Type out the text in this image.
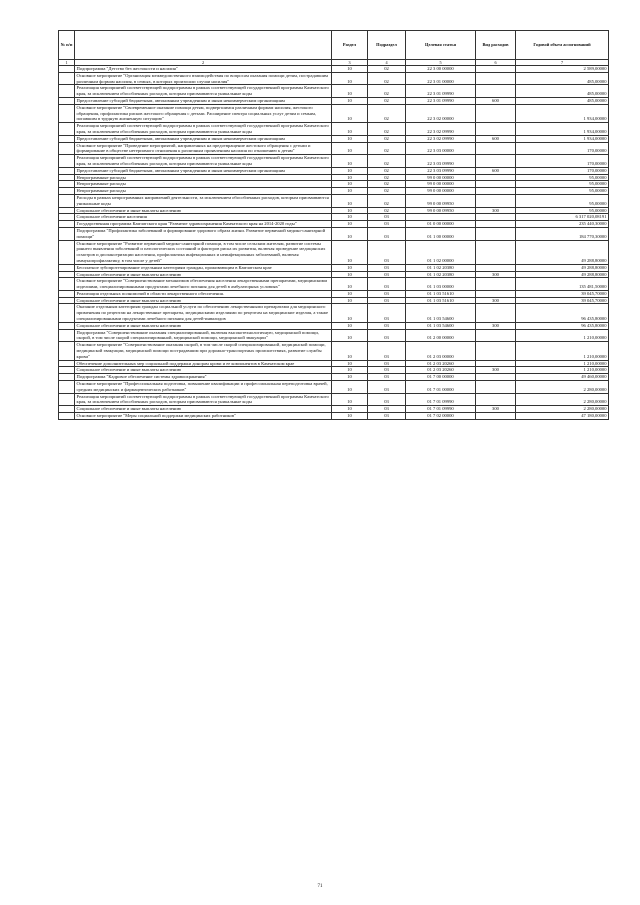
№ п/п		Раздел	Подраздел	Целевая статья	Вид расходов	Годовой объем ассигнований
1	2	3	4	5	6	7
	Подпрограмма "Детство без жестокости и насилия"	10	02	22 3 00 00000		2 589,00000
	Основное мероприятие "Организация межведомственного взаимодействия по вопросам оказания помощи детям, пострадавшим различным формам насилия, в семьях, в которых произошли случаи насилия"	10	02	22 3 01 00000		485,00000
	Реализация мероприятий соответствующей подпрограммы в рамках соответствующей государственной программы Камчатского края, за исключением обособленных расходов, которым присваиваются уникальные коды	10	02	22 3 01 09990		485,00000
	Предоставление субсидий бюджетным, автономным учреждениям и иным некоммерческим организациям	10	02	22 3 01 09990	600	485,00000
	Основное мероприятие "Своевременное оказание помощи детям, подвергшимся различным формам насилия, жестокого обращения, профилактика рисков жестокого обращения с детьми. Расширение спектра социальных услуг детям и семьям, попавшим в трудную жизненную ситуацию"	10	02	22 3 02 00000		1 934,00000
	Реализация мероприятий соответствующей подпрограммы в рамках соответствующей государственной программы Камчатского края, за исключением обособленных расходов, которым присваиваются уникальные коды	10	02	22 3 02 09990		1 934,00000
	Предоставление субсидий бюджетным, автономным учреждениям и иным некоммерческим организациям	10	02	22 3 02 09990	600	1 934,00000
	Основное мероприятие "Проведение мероприятий, направленных на предотвращение жестокого обращения с детьми и формирование в обществе нетерпимого отношения к различным проявлениям насилия по отношению к детям"	10	02	22 3 03 00000		170,00000
	Реализация мероприятий соответствующей подпрограммы в рамках соответствующей государственной программы Камчатского края, за исключением обособленных расходов, которым присваиваются уникальные коды	10	02	22 3 03 09990		170,00000
	Предоставление субсидий бюджетным, автономным учреждениям и иным некоммерческим организациям	10	02	22 3 03 09990	600	170,00000
	Непрограммные расходы	10	02	99 0 00 00000		95,00000
	Непрограммные расходы	10	02	99 0 00 00000		95,00000
	Непрограммные расходы	10	02	99 0 00 00000		95,00000
	Расходы в рамках непрограммных направлений деятельности, за исключением обособленных расходов, которым присваиваются уникальные коды	10	02	99 0 00 09950		95,00000
	Социальное обеспечение и иные выплаты населению	10	02	99 0 00 09950	300	95,00000
	Социальное обеспечение населения	10	03			6 317 020,08191
	Государственная программа Камчатского края "Развитие здравоохранения Камчатского края на 2014-2020 годы"	10	03	01 0 00 00000		235 440,30000
	Подпрограмма "Профилактика заболеваний и формирование здорового образа жизни. Развитие первичной медико-санитарной помощи"	10	03	01 1 00 00000		184 770,30000
	Основное мероприятие "Развитие первичной медико-санитарной помощи, в том числе сельским жителям, развитие системы раннего выявления заболеваний и патологических состояний и факторов риска их развития, включая проведение медицинских осмотров и диспансеризации населения, профилактика инфекционных и неинфекционных заболеваний, включая иммунопрофилактику, в том числе у детей"	10	03	01 1 02 00000		49 288,80000
	Бесплатное зубопротезирование отдельным категориям граждан, проживающим в Камчатском крае	10	03	01 1 02 20380		49 288,80000
	Социальное обеспечение и иные выплаты населению	10	03	01 1 02 20380	300	49 288,80000
	Основное мероприятие "Совершенствование механизмов обеспечения населения лекарственными препаратами, медицинскими изделиями, специализированными продуктами лечебного питания для детей в амбулаторных условиях"	10	03	01 1 03 00000		135 481,50000
	Реализация отдельных полномочий в области лекарственного обеспечения.	10	03	01 1 03 51610		39 045,70000
	Социальное обеспечение и иные выплаты населению	10	03	01 1 03 51610	300	39 045,70000
	Оказание отдельным категориям граждан социальной услуги по обеспечению лекарственными препаратами для медицинского применения по рецептам на лекарственные препараты, медицинскими изделиями по рецептам на медицинские изделия, а также специализированными продуктами лечебного питания для детей-инвалидов	10	03	01 1 03 54600		96 435,80000
	Социальное обеспечение и иные выплаты населению	10	03	01 1 03 54600	300	96 435,80000
	Подпрограмма "Совершенствование оказания специализированной, включая высокотехнологичную, медицинской помощи, скорой, в том числе скорой специализированной, медицинской помощи, медицинской эвакуации"	10	03	01 2 00 00000		1 210,00000
	Основное мероприятие "Совершенствование оказания скорой, в том числе скорой специализированной, медицинской помощи, медицинской эвакуации, медицинской помощи пострадавшим при дорожно-транспортных происшествиях, развитие службы крови"	10	03	01 2 03 00000		1 210,00000
	Обеспечение дополнительных мер социальной поддержки донорам крови и ее компонентов в Камчатском крае	10	03	01 2 03 20260		1 210,00000
	Социальное обеспечение и иные выплаты населению	10	03	01 2 03 20260	300	1 210,00000
	Подпрограмма "Кадровое обеспечение системы здравоохранения"	10	03	01 7 00 00000		49 460,00000
	Основное мероприятие "Профессиональная подготовка, повышение квалификации и профессиональная переподготовка врачей, средних медицинских и фармацевтических работников"	10	03	01 7 01 00000		2 280,00000
	Реализация мероприятий соответствующей подпрограммы в рамках соответствующей государственной программы Камчатского края, за исключением обособленных расходов, которым присваиваются уникальные коды	10	03	01 7 01 09990		2 280,00000
	Социальное обеспечение и иные выплаты населению	10	03	01 7 01 09990	300	2 280,00000
	Основное мероприятие "Меры социальной поддержки медицинских работников"	10	03	01 7 02 00000		47 180,00000
71
